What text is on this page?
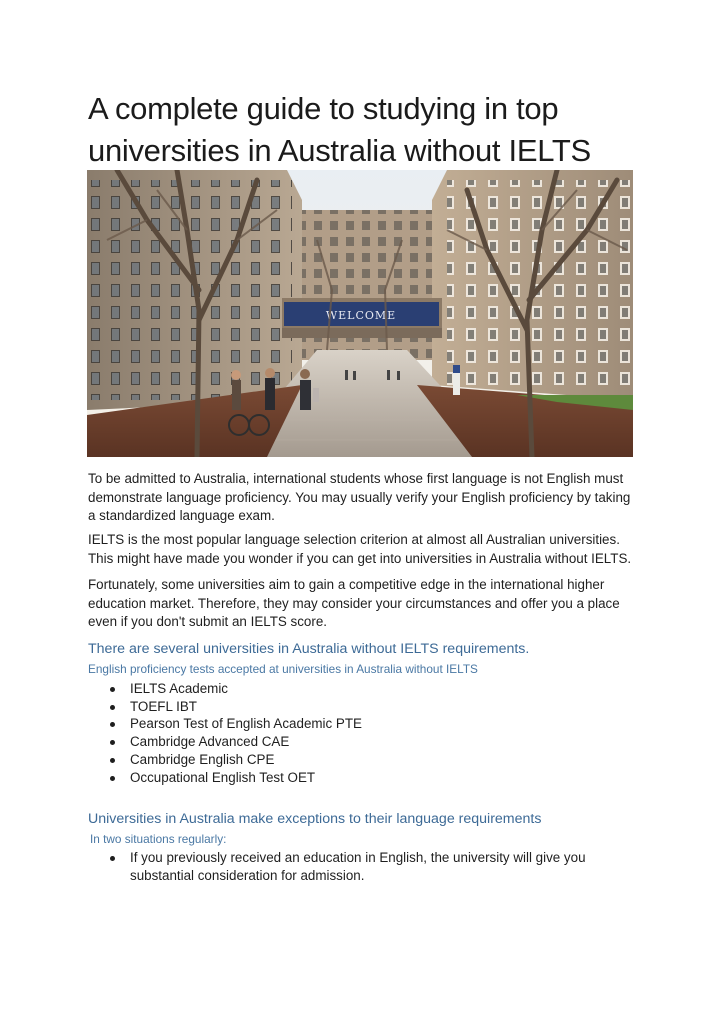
A complete guide to studying in top universities in Australia without IELTS
WELCOME

To be admitted to Australia, international students whose first language is not English must demonstrate language proficiency. You may usually verify your English proficiency by taking a standardized language exam.

IELTS is the most popular language selection criterion at almost all Australian universities. This might have made you wonder if you can get into universities in Australia without IELTS.

Fortunately, some universities aim to gain a competitive edge in the international higher education market. Therefore, they may consider your circumstances and offer you a place even if you don't submit an IELTS score.

There are several universities in Australia without IELTS requirements.
English proficiency tests accepted at universities in Australia without IELTS
IELTS Academic
TOEFL IBT
Pearson Test of English Academic PTE
Cambridge Advanced CAE
Cambridge English CPE
Occupational English Test OET
Universities in Australia make exceptions to their language requirements
In two situations regularly:
If you previously received an education in English, the university will give you substantial consideration for admission.
